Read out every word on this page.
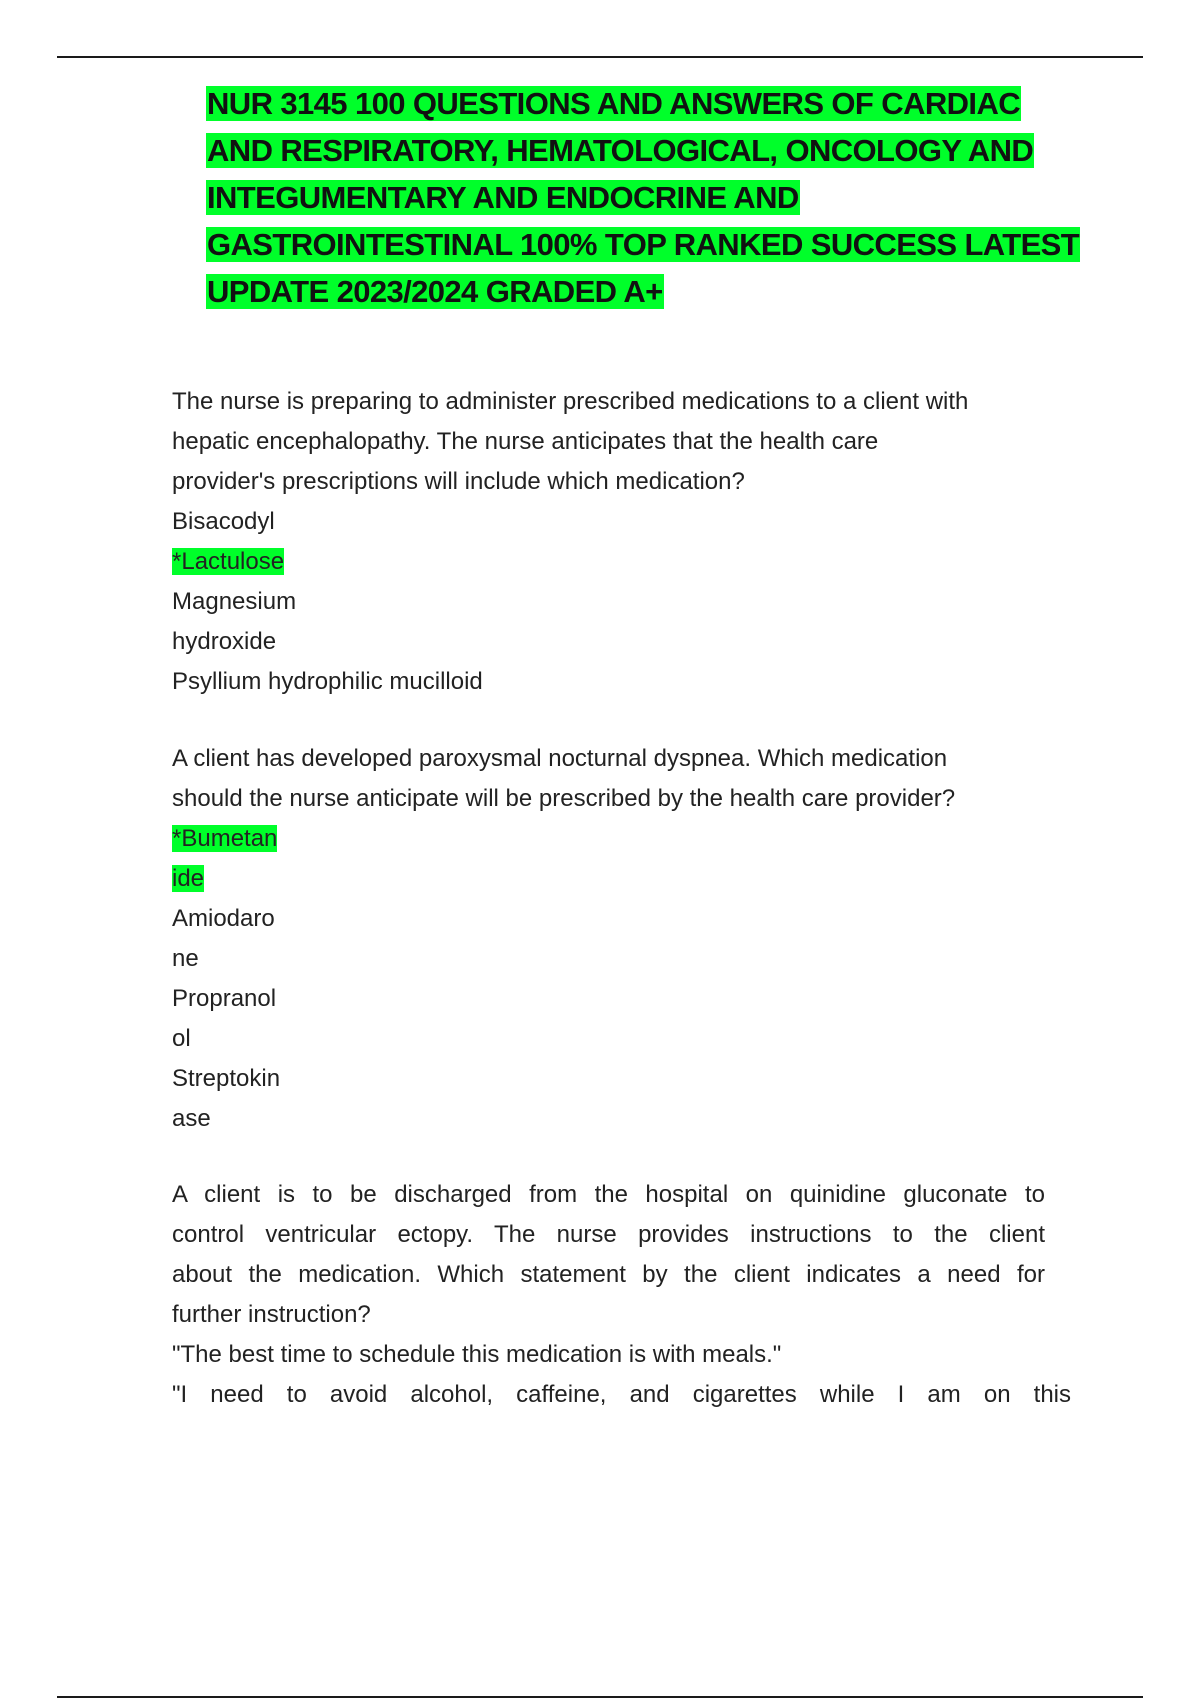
NUR 3145 100 QUESTIONS AND ANSWERS OF CARDIAC
AND RESPIRATORY, HEMATOLOGICAL, ONCOLOGY AND
INTEGUMENTARY AND ENDOCRINE AND
GASTROINTESTINAL 100% TOP RANKED SUCCESS LATEST
UPDATE 2023/2024 GRADED A+
The nurse is preparing to administer prescribed medications to a client with
hepatic encephalopathy. The nurse anticipates that the health care
provider's prescriptions will include which medication?
Bisacodyl
*Lactulose
Magnesium
hydroxide
Psyllium hydrophilic mucilloid
A client has developed paroxysmal nocturnal dyspnea. Which medication
should the nurse anticipate will be prescribed by the health care provider?
*Bumetan
ide
Amiodaro
ne
Propranol
ol
Streptokin
ase
A client is to be discharged from the hospital on quinidine gluconate to
control ventricular ectopy. The nurse provides instructions to the client
about the medication. Which statement by the client indicates a need for
further instruction?
"The best time to schedule this medication is with meals."
"I need to avoid alcohol, caffeine, and cigarettes while I am on this
